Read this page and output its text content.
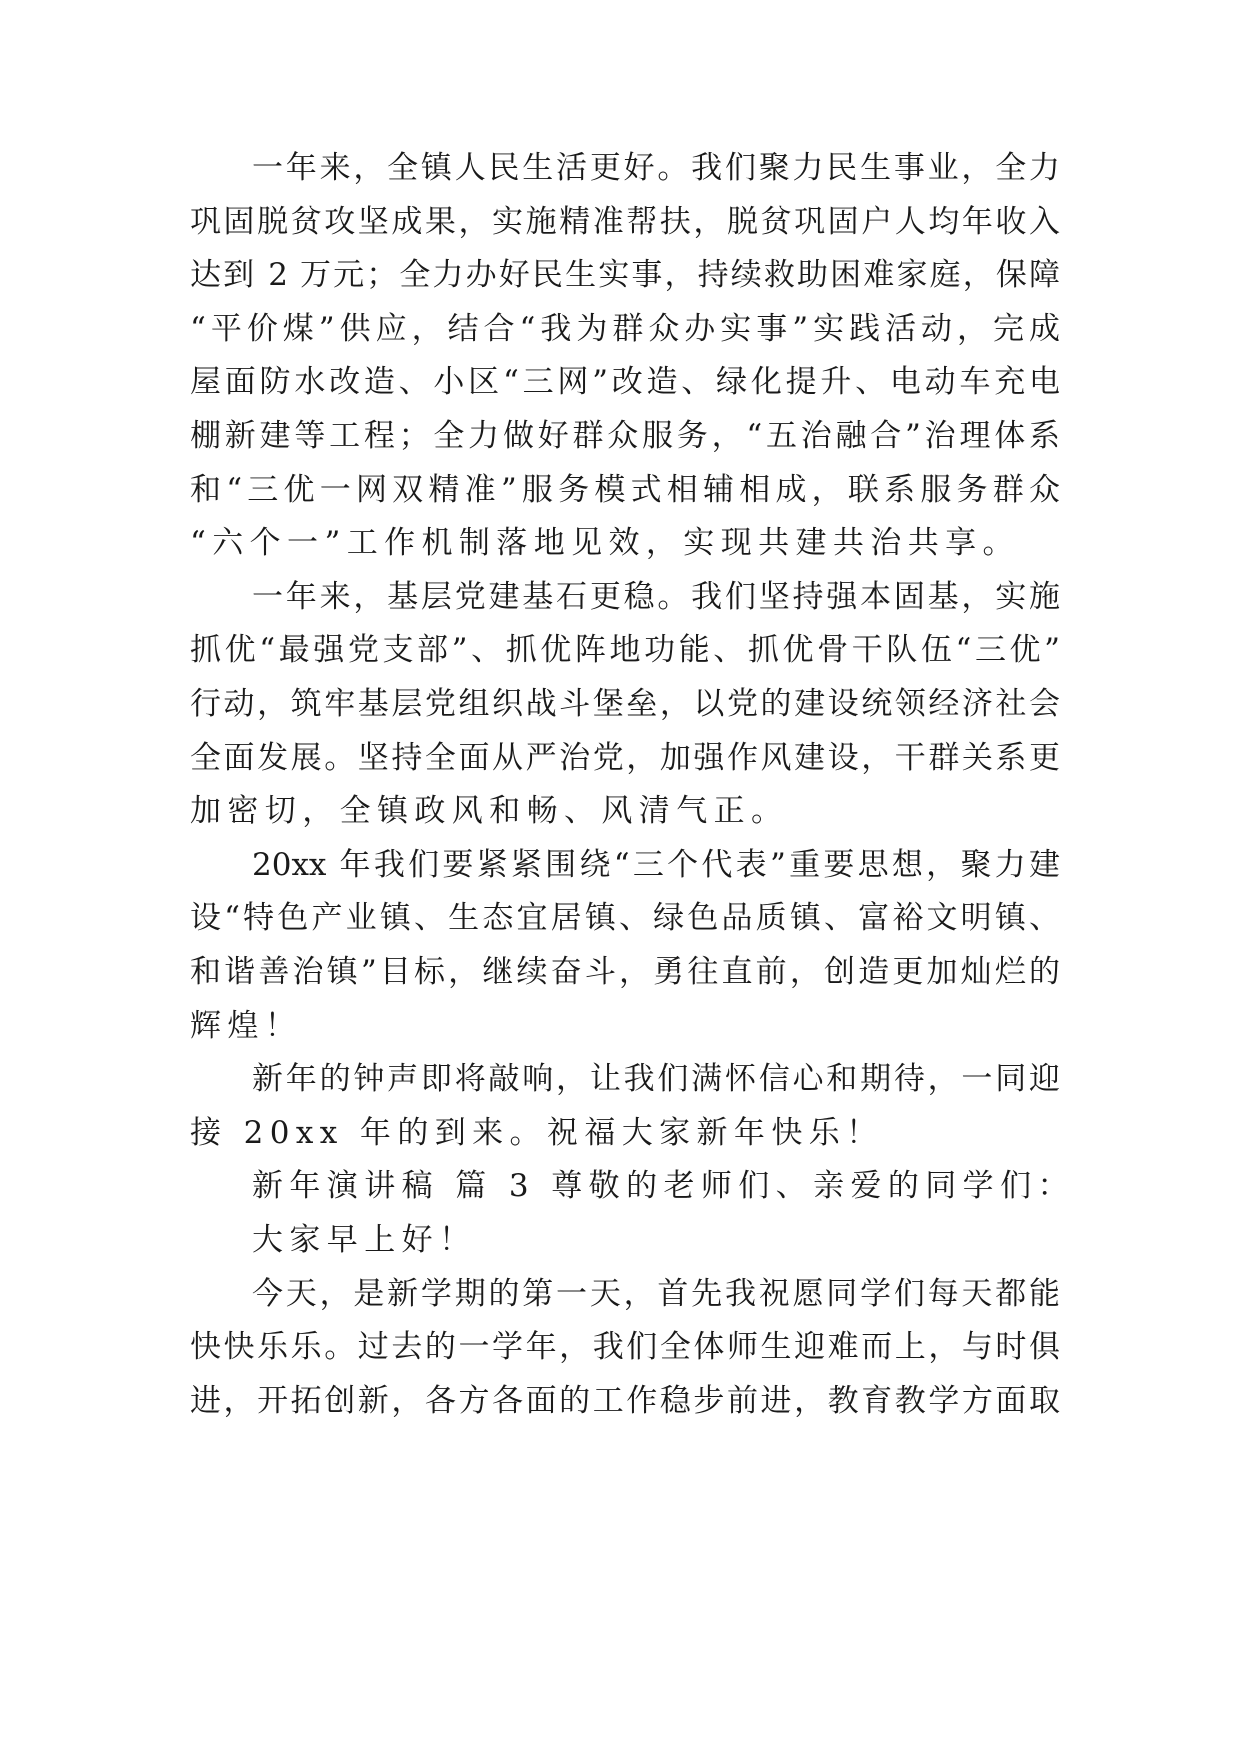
一年来，全镇人民生活更好。我们聚力民生事业，全力
巩固脱贫攻坚成果，实施精准帮扶，脱贫巩固户人均年收入
达到 2 万元；全力办好民生实事，持续救助困难家庭，保障
“平价煤”供应，结合“我为群众办实事”实践活动，完成
屋面防水改造、小区“三网”改造、绿化提升、电动车充电
棚新建等工程；全力做好群众服务，“五治融合”治理体系
和“三优一网双精准”服务模式相辅相成，联系服务群众
“六个一”工作机制落地见效，实现共建共治共享。
一年来，基层党建基石更稳。我们坚持强本固基，实施
抓优“最强党支部”、抓优阵地功能、抓优骨干队伍“三优”
行动，筑牢基层党组织战斗堡垒，以党的建设统领经济社会
全面发展。坚持全面从严治党，加强作风建设，干群关系更
加密切，全镇政风和畅、风清气正。
20xx 年我们要紧紧围绕“三个代表”重要思想，聚力建
设“特色产业镇、生态宜居镇、绿色品质镇、富裕文明镇、
和谐善治镇”目标，继续奋斗，勇往直前，创造更加灿烂的
辉煌！
新年的钟声即将敲响，让我们满怀信心和期待，一同迎
接 20xx 年的到来。祝福大家新年快乐！
新年演讲稿 篇 3 尊敬的老师们、亲爱的同学们：
大家早上好！
今天，是新学期的第一天，首先我祝愿同学们每天都能
快快乐乐。过去的一学年，我们全体师生迎难而上，与时俱
进，开拓创新，各方各面的工作稳步前进，教育教学方面取
